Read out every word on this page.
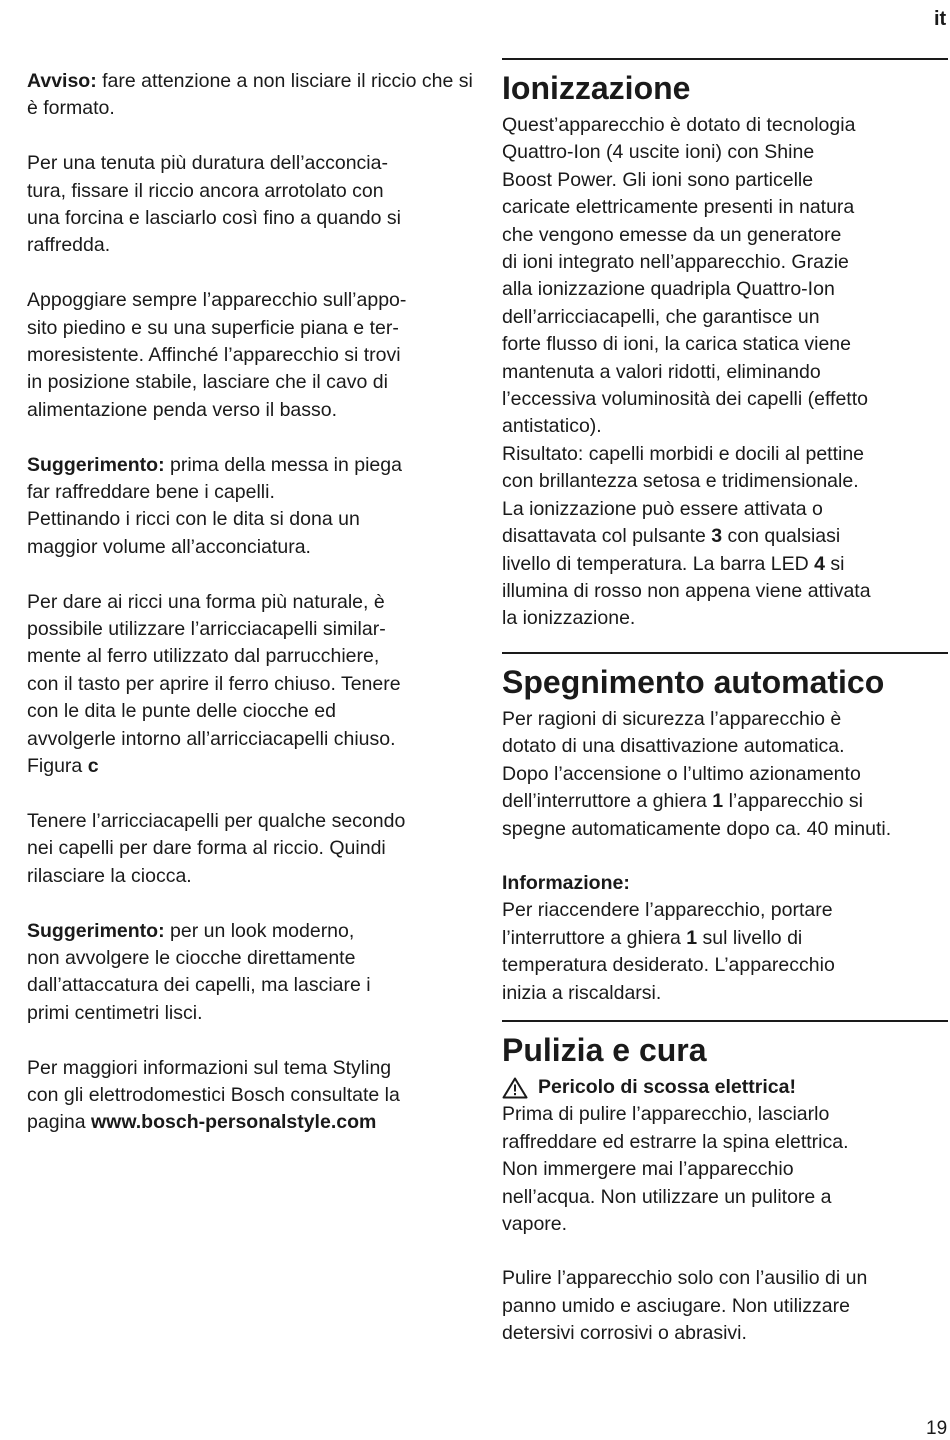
it

Avviso: fare attenzione a non lisciare il riccio che si è formato.

Per una tenuta più duratura dell’acconcia-
tura, fissare il riccio ancora arrotolato con
una forcina e lasciarlo così fino a quando si
raffredda.

Appoggiare sempre l’apparecchio sull’appo-
sito piedino e su una superficie piana e ter-
moresistente. Affinché l’apparecchio si trovi
in posizione stabile, lasciare che il cavo di
alimentazione penda verso il basso.

Suggerimento: prima della messa in piega
far raffreddare bene i capelli.
Pettinando i ricci con le dita si dona un
maggior volume all’acconciatura.

Per dare ai ricci una forma più naturale, è
possibile utilizzare l’arricciacapelli similar-
mente al ferro utilizzato dal parrucchiere,
con il tasto per aprire il ferro chiuso. Tenere
con le dita le punte delle ciocche ed
avvolgerle intorno all’arricciacapelli chiuso.
Figura c

Tenere l’arricciacapelli per qualche secondo
nei capelli per dare forma al riccio. Quindi
rilasciare la ciocca.

Suggerimento: per un look moderno,
non avvolgere le ciocche direttamente
dall’attaccatura dei capelli, ma lasciare i
primi centimetri lisci.

Per maggiori informazioni sul tema Styling
con gli elettrodomestici Bosch consultate la
pagina www.bosch-personalstyle.com

Ionizzazione

Quest’apparecchio è dotato di tecnologia
Quattro-Ion (4 uscite ioni) con Shine
Boost Power. Gli ioni sono particelle
caricate elettricamente presenti in natura
che vengono emesse da un generatore
di ioni integrato nell’apparecchio. Grazie
alla ionizzazione quadripla Quattro-Ion
dell’arricciacapelli, che garantisce un
forte flusso di ioni, la carica statica viene
mantenuta a valori ridotti, eliminando
l’eccessiva voluminosità dei capelli (effetto
antistatico).
Risultato: capelli morbidi e docili al pettine
con brillantezza setosa e tridimensionale.
La ionizzazione può essere attivata o
disattavata col pulsante 3 con qualsiasi
livello di temperatura. La barra LED 4 si
illumina di rosso non appena viene attivata
la ionizzazione.

Spegnimento automatico

Per ragioni di sicurezza l’apparecchio è
dotato di una disattivazione automatica.
Dopo l’accensione o l’ultimo azionamento
dell’interruttore a ghiera 1 l’apparecchio si
spegne automaticamente dopo ca. 40 minuti.

Informazione:
Per riaccendere l’apparecchio, portare
l’interruttore a ghiera 1 sul livello di
temperatura desiderato. L’apparecchio
inizia a riscaldarsi.

Pulizia e cura

Pericolo di scossa elettrica!
Prima di pulire l’apparecchio, lasciarlo
raffreddare ed estrarre la spina elettrica.
Non immergere mai l’apparecchio
nell’acqua. Non utilizzare un pulitore a
vapore.

Pulire l’apparecchio solo con l’ausilio di un
panno umido e asciugare. Non utilizzare
detersivi corrosivi o abrasivi.

19
